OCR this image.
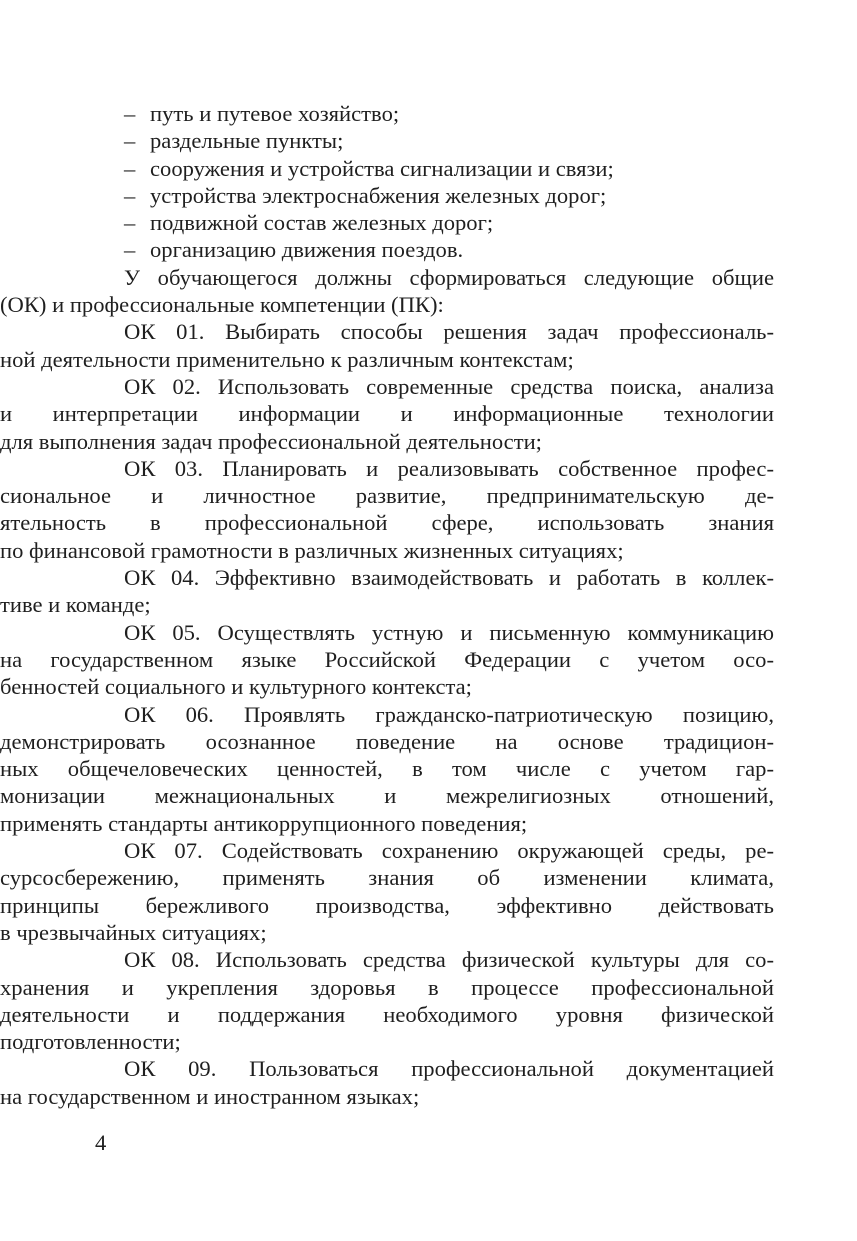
– путь и путевое хозяйство;
– раздельные пункты;
– сооружения и устройства сигнализации и связи;
– устройства электроснабжения железных дорог;
– подвижной состав железных дорог;
– организацию движения поездов.
У обучающегося должны сформироваться следующие общие
(ОК) и профессиональные компетенции (ПК):
ОК 01. Выбирать способы решения задач профессиональ-
ной деятельности применительно к различным контекстам;
ОК 02. Использовать современные средства поиска, анализа
и интерпретации информации и информационные технологии
для выполнения задач профессиональной деятельности;
ОК 03. Планировать и реализовывать собственное профес-
сиональное и личностное развитие, предпринимательскую де-
ятельность в профессиональной сфере, использовать знания
по финансовой грамотности в различных жизненных ситуациях;
ОК 04. Эффективно взаимодействовать и работать в коллек-
тиве и команде;
ОК 05. Осуществлять устную и письменную коммуникацию
на государственном языке Российской Федерации с учетом осо-
бенностей социального и культурного контекста;
ОК 06. Проявлять гражданско-патриотическую позицию,
демонстрировать осознанное поведение на основе традицион-
ных общечеловеческих ценностей, в том числе с учетом гар-
монизации межнациональных и межрелигиозных отношений,
применять стандарты антикоррупционного поведения;
ОК 07. Содействовать сохранению окружающей среды, ре-
сурсосбережению, применять знания об изменении климата,
принципы бережливого производства, эффективно действовать
в чрезвычайных ситуациях;
ОК 08. Использовать средства физической культуры для со-
хранения и укрепления здоровья в процессе профессиональной
деятельности и поддержания необходимого уровня физической
подготовленности;
ОК 09. Пользоваться профессиональной документацией
на государственном и иностранном языках;
4
